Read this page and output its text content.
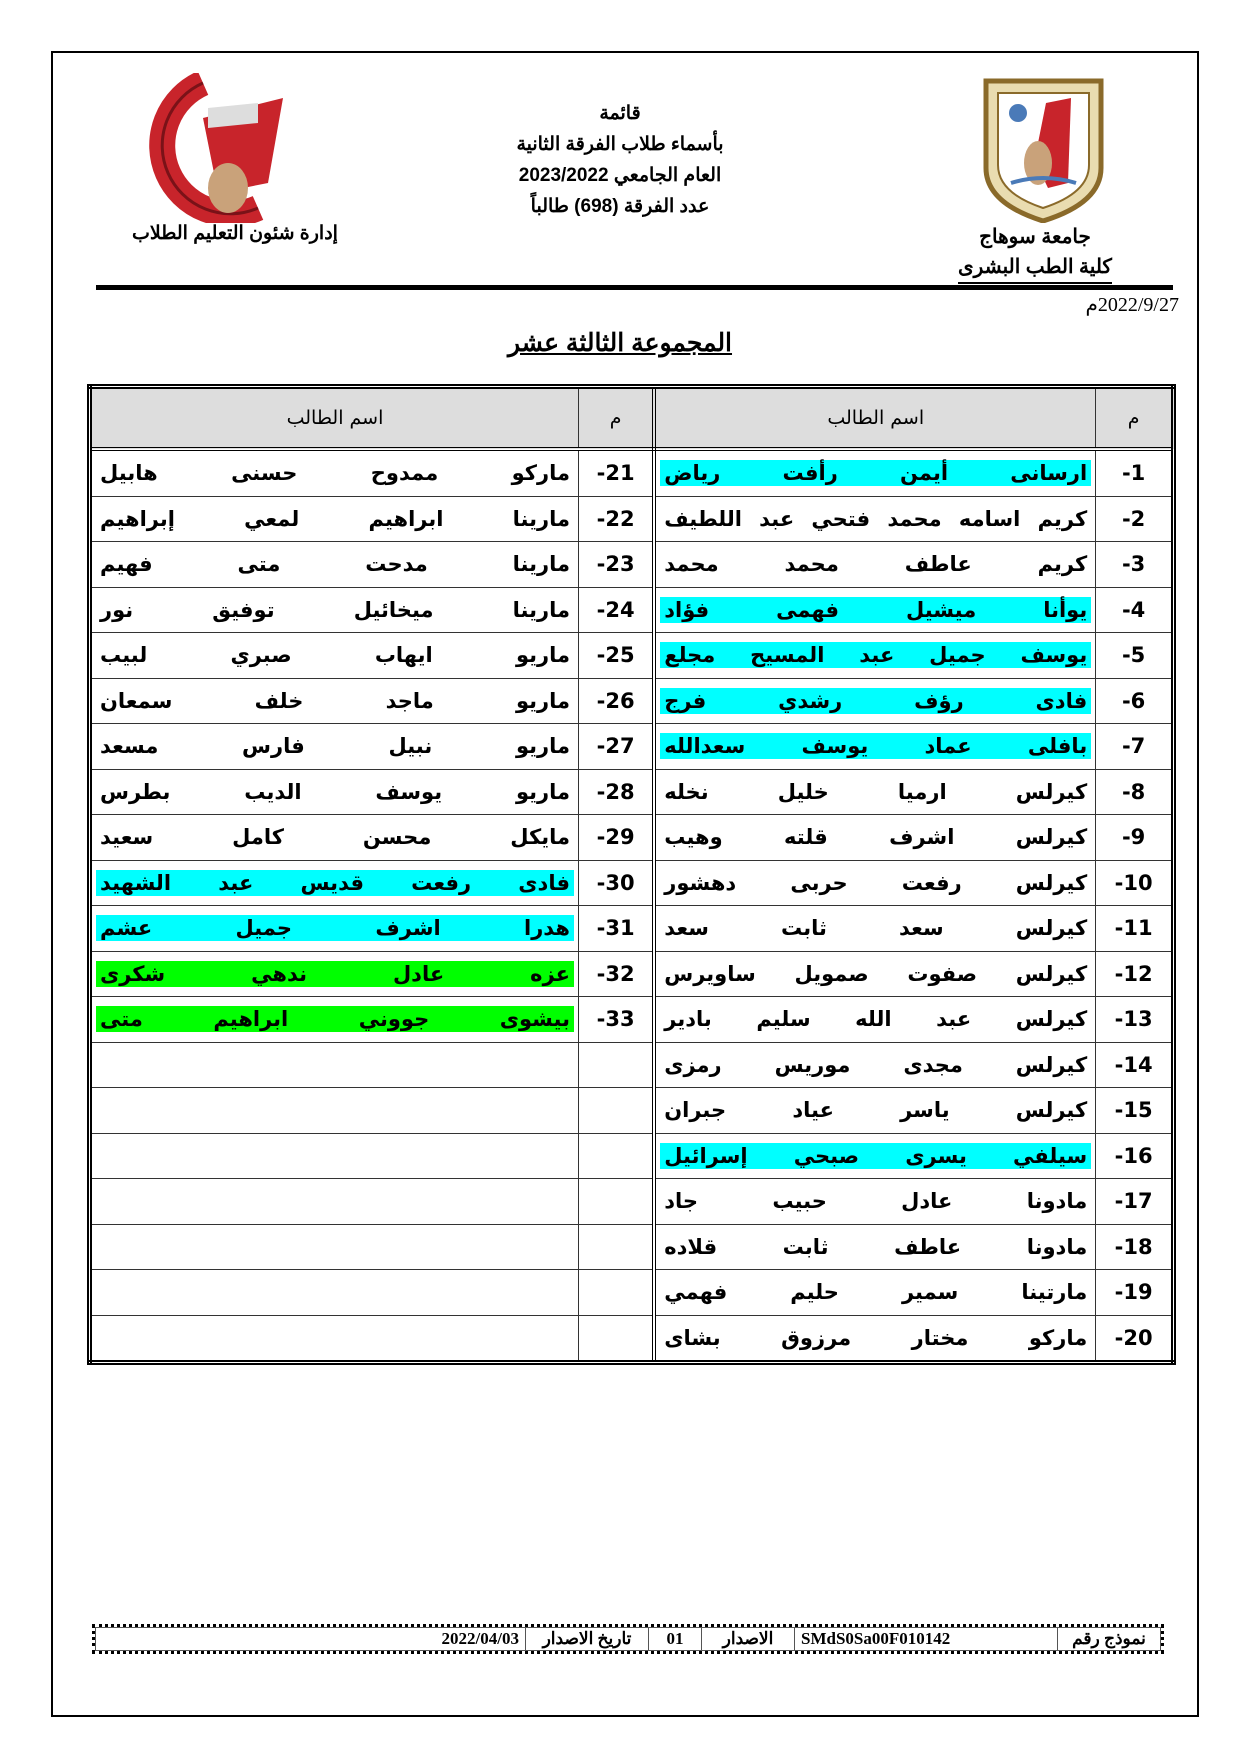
جامعة سوهاج
كلية الطب البشرى
إدارة شئون التعليم الطلاب
قائمة
بأسماء طلاب الفرقة الثانية
العام الجامعي 2023/2022
عدد الفرقة (698) طالباً
2022/9/27م
المجموعة الثالثة عشر
م	اسم الطالب	م	اسم الطالب
-1	ارسانى أيمن رأفت رياض	-21	ماركو ممدوح حسنى هابيل
-2	كريم اسامه محمد فتحي عبد اللطيف	-22	مارينا ابراهيم لمعي إبراهيم
-3	كريم عاطف محمد محمد	-23	مارينا مدحت متى فهيم
-4	يوأنا ميشيل فهمى فؤاد	-24	مارينا ميخائيل توفيق نور
-5	يوسف جميل عبد المسيح مجلع	-25	ماريو ايهاب صبري لبيب
-6	فادى رؤف رشدي فرج	-26	ماريو ماجد خلف سمعان
-7	بافلى عماد يوسف سعدالله	-27	ماريو نبيل فارس مسعد
-8	كيرلس ارميا خليل نخله	-28	ماريو يوسف الديب بطرس
-9	كيرلس اشرف قلته وهيب	-29	مايكل محسن كامل سعيد
-10	كيرلس رفعت حربى دهشور	-30	فادى رفعت قديس عبد الشهيد
-11	كيرلس سعد ثابت سعد	-31	هدرا اشرف جميل عشم
-12	كيرلس صفوت صمويل ساويرس	-32	عزه عادل ندهي شكرى
-13	كيرلس عبد الله سليم بادير	-33	بيشوى جووني ابراهيم متى
-14	كيرلس مجدى موريس رمزى		
-15	كيرلس ياسر عياد جبران		
-16	سيلفي يسرى صبحي إسرائيل		
-17	مادونا عادل حبيب جاد		
-18	مادونا عاطف ثابت قلاده		
-19	مارتينا سمير حليم فهمي		
-20	ماركو مختار مرزوق بشاى		
نموذج رقم	SMdS0Sa00F010142	الاصدار	01	تاريخ الاصدار	2022/04/03
